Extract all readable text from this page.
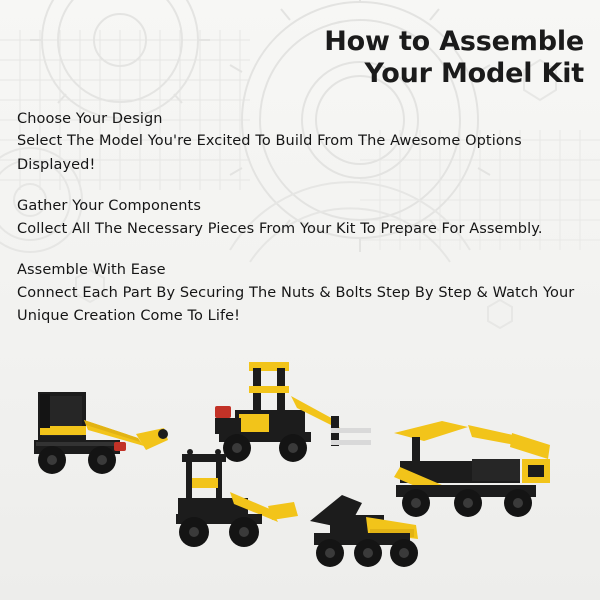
How to Assemble
Your Model Kit
Choose Your Design
Select The Model You're Excited To Build From The Awesome Options Displayed!
Gather Your Components
Collect All The Necessary Pieces From Your Kit To Prepare For Assembly.
Assemble With Ease
Connect Each Part By Securing The Nuts & Bolts Step By Step & Watch Your Unique Creation Come To Life!
